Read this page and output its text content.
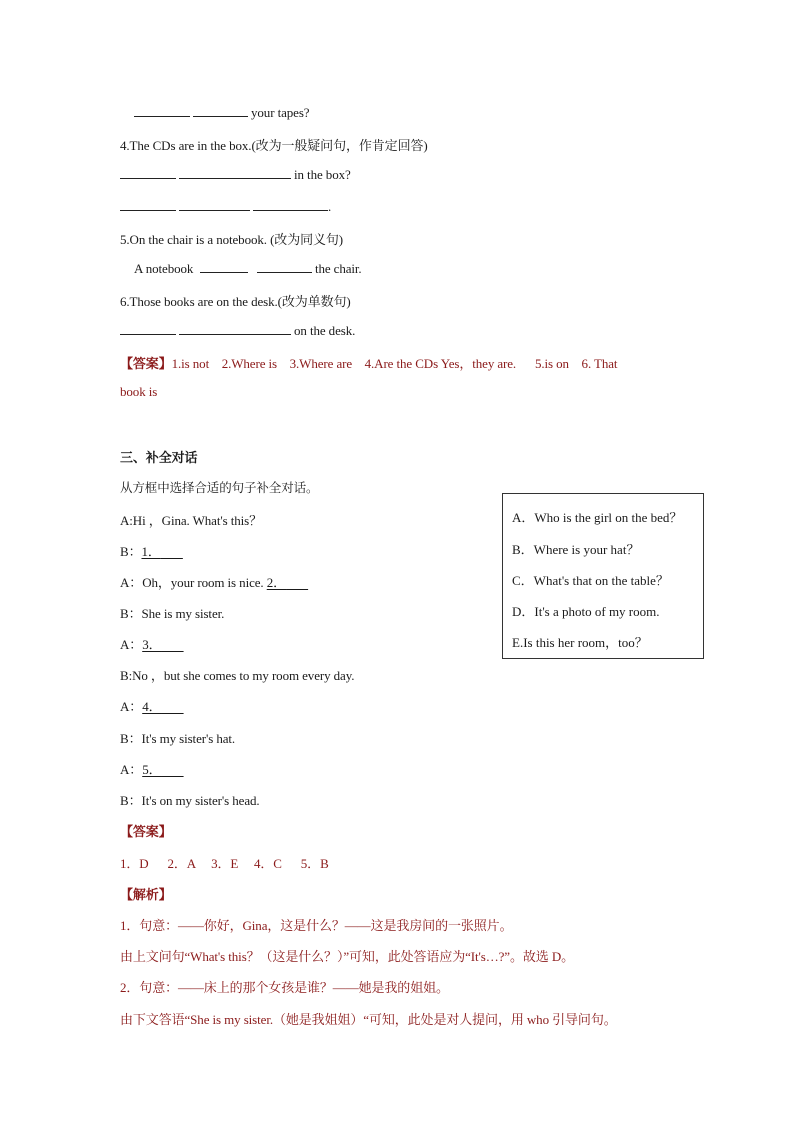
your tapes?
4.The CDs are in the box.(改为一般疑问句，作肯定回答)
in the box?
.
5.On the chair is a notebook. (改为同义句)
A notebook	the chair.
6.Those books are on the desk.(改为单数句)
on the desk.
【答案】1.is not    2.Where is    3.Where are    4.Are the CDs Yes，they are.      5.is on    6. That
book is
三、补全对话
从方框中选择合适的句子补全对话。
A:Hi ，Gina. What's this？
B：1．
A：Oh，your room is nice. 2．
B：She is my sister.
A：3．
B:No ，but she comes to my room every day.
A：4．
B：It's my sister's hat.
A：5．
B：It's on my sister's head.
A．Who is the girl on the bed？
B．Where is your hat？
C．What's that on the table？
D．It's a photo of my room.
E.Is this her room，too？
【答案】
1．D      2．A     3．E     4．C      5．B
【解析】
1．句意：——你好，Gina，这是什么？——这是我房间的一张照片。
由上文问句“What's this？（这是什么？）”可知，此处答语应为“It's…?”。故选 D。
2．句意：——床上的那个女孩是谁？——她是我的姐姐。
由下文答语“She is my sister.（她是我姐姐）“可知，此处是对人提问，用 who 引导问句。
